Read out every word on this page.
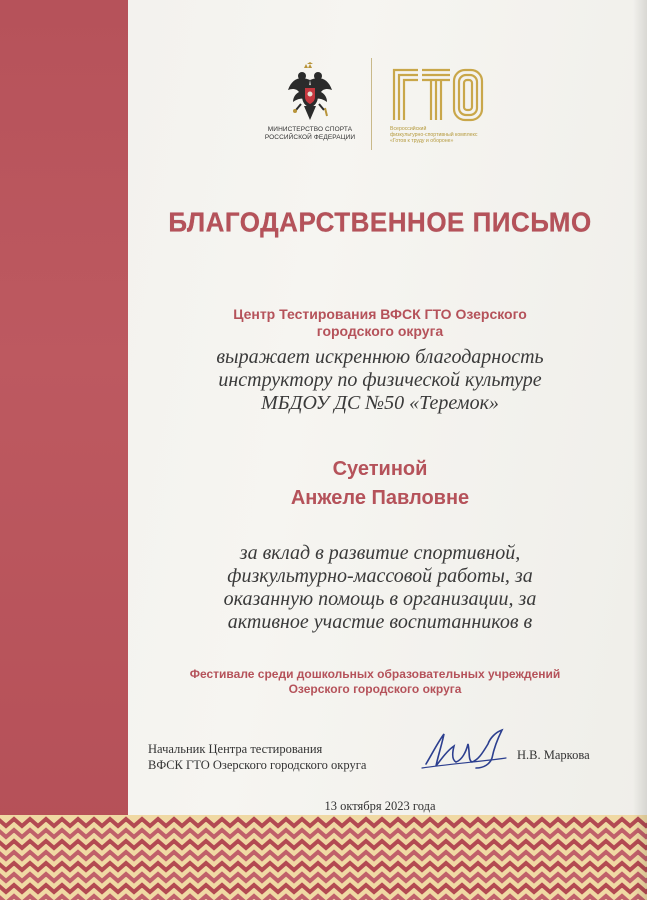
МИНИСТЕРСТВО СПОРТА
РОССИЙСКОЙ ФЕДЕРАЦИИ
Всероссийский
физкультурно-спортивный комплекс
«Готов к труду и обороне»
БЛАГОДАРСТВЕННОЕ ПИСЬМО
Центр Тестирования ВФСК ГТО Озерского
городского округа
выражает искреннюю благодарность
инструктору по физической культуре
МБДОУ ДС №50 «Теремок»
Суетиной
Анжеле Павловне
за вклад в развитие спортивной,
физкультурно-массовой работы, за
оказанную помощь в организации, за
активное участие воспитанников в
Фестивале среди дошкольных образовательных учреждений
Озерского городского округа
Начальник Центра тестирования
ВФСК ГТО Озерского городского округа
Н.В. Маркова
13 октября 2023 года
